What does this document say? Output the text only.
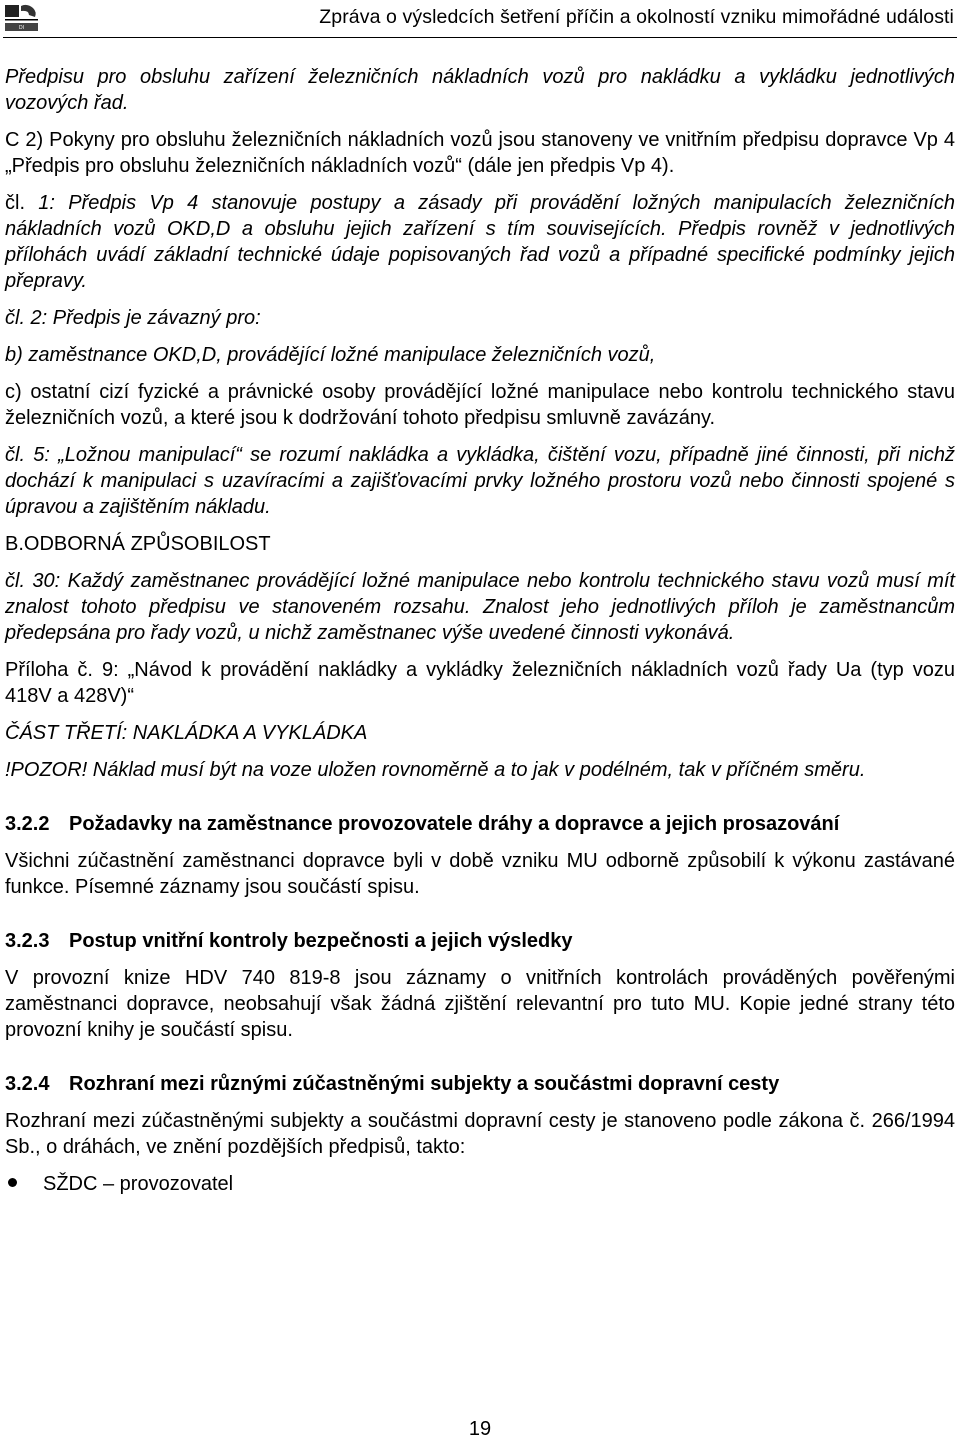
DI	Zpráva o výsledcích šetření příčin a okolností vzniku mimořádné události

Předpisu pro obsluhu zařízení železničních nákladních vozů pro nakládku a vykládku jednotlivých vozových řad.

C 2) Pokyny pro obsluhu železničních nákladních vozů jsou stanoveny ve vnitřním předpisu dopravce Vp 4 „Předpis pro obsluhu železničních nákladních vozů“ (dále jen předpis Vp 4).

čl. 1: Předpis Vp 4 stanovuje postupy a zásady při provádění ložných manipulacích železničních nákladních vozů OKD,D a obsluhu jejich zařízení s tím souvisejících. Předpis rovněž v jednotlivých přílohách uvádí základní technické údaje popisovaných řad vozů a případné specifické podmínky jejich přepravy.

čl. 2: Předpis je závazný pro:

b) zaměstnance OKD,D, provádějící ložné manipulace železničních vozů,

c) ostatní cizí fyzické a právnické osoby provádějící ložné manipulace nebo kontrolu technického stavu železničních vozů, a které jsou k dodržování tohoto předpisu smluvně zavázány.

čl. 5: „Ložnou manipulací“ se rozumí nakládka a vykládka, čištění vozu, případně jiné činnosti, při nichž dochází k manipulaci s uzavíracími a zajišťovacími prvky ložného prostoru vozů nebo činnosti spojené s úpravou a zajištěním nákladu.

B.ODBORNÁ ZPŮSOBILOST

čl. 30: Každý zaměstnanec provádějící ložné manipulace nebo kontrolu technického stavu vozů musí mít znalost tohoto předpisu ve stanoveném rozsahu. Znalost jeho jednotlivých příloh je zaměstnancům předepsána pro řady vozů, u nichž zaměstnanec výše uvedené činnosti vykonává.

Příloha č. 9: „Návod k provádění nakládky a vykládky železničních nákladních vozů řady Ua (typ vozu 418V a 428V)“

ČÁST TŘETÍ: NAKLÁDKA A VYKLÁDKA

!POZOR! Náklad musí být na voze uložen rovnoměrně a to jak v podélném, tak v příčném směru.

3.2.2 Požadavky na zaměstnance provozovatele dráhy a dopravce a jejich prosazování

Všichni zúčastnění zaměstnanci dopravce byli v době vzniku MU odborně způsobilí k výkonu zastávané funkce. Písemné záznamy jsou součástí spisu.

3.2.3 Postup vnitřní kontroly bezpečnosti a jejich výsledky

V provozní knize HDV 740 819-8 jsou záznamy o vnitřních kontrolách prováděných pověřenými zaměstnanci dopravce, neobsahují však žádná zjištění relevantní pro tuto MU. Kopie jedné strany této provozní knihy je součástí spisu.

3.2.4 Rozhraní mezi různými zúčastněnými subjekty a součástmi dopravní cesty

Rozhraní mezi zúčastněnými subjekty a součástmi dopravní cesty je stanoveno podle zákona č. 266/1994 Sb., o dráhách, ve znění pozdějších předpisů, takto:

SŽDC – provozovatel
19
